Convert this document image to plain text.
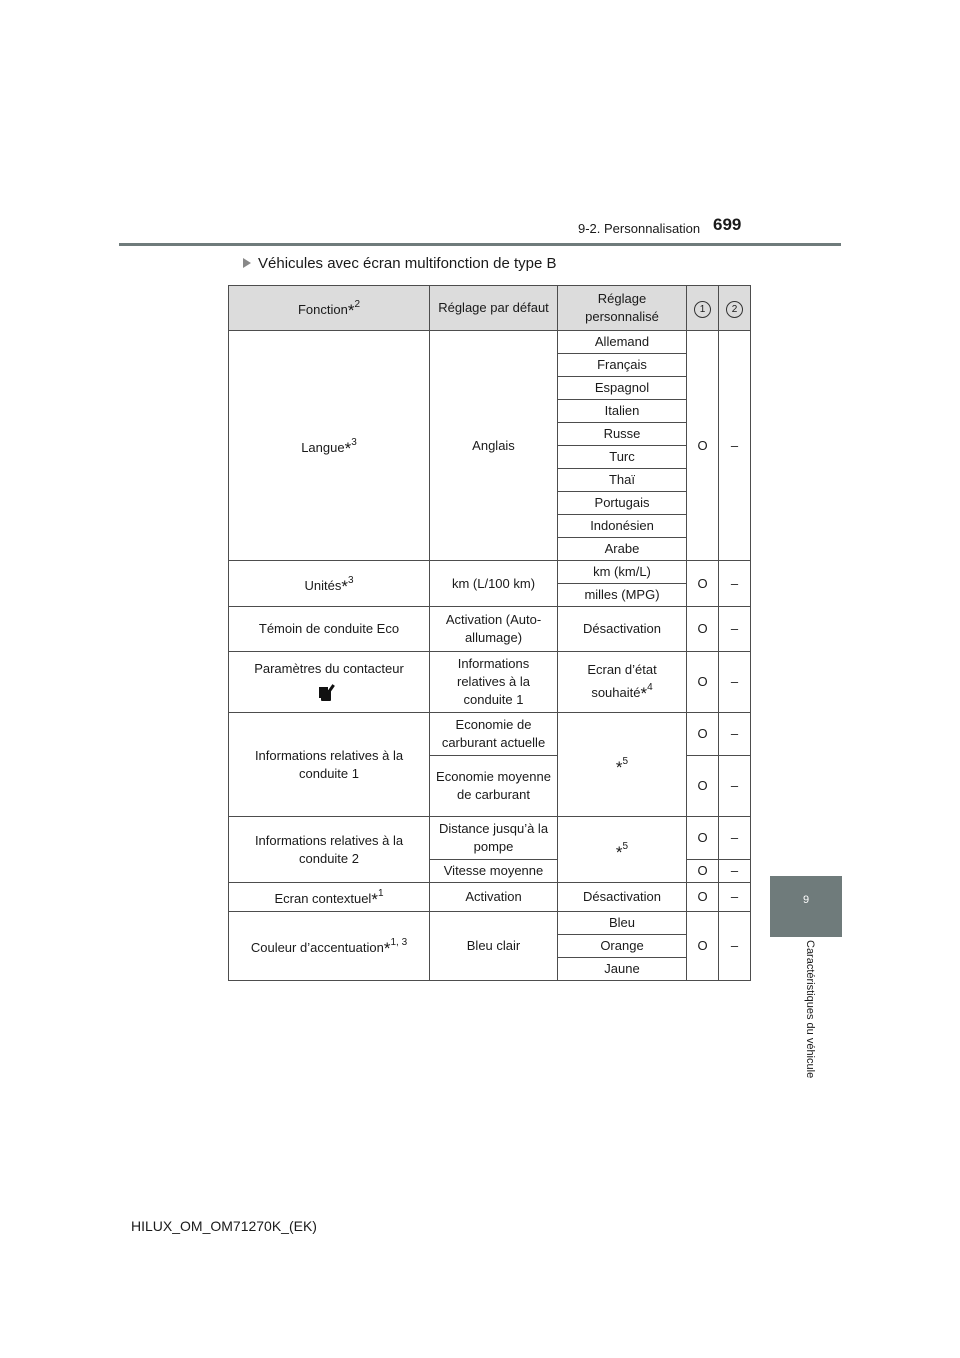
9-2. Personnalisation 699
Véhicules avec écran multifonction de type B
Fonction*$^2$	Réglage par défaut	Réglage personnalisé	1	2
Langue*$^3$	Anglais	Allemand	O	–
		Français		
		Espagnol		
		Italien		
		Russe		
		Turc		
		Thaï		
		Portugais		
		Indonésien		
		Arabe		
Unités*$^3$	km (L/100 km)	km (km/L)	O	–
		milles (MPG)		
Témoin de conduite Eco	Activation (Auto-allumage)	Désactivation	O	–

Paramètres du contacteur	Informations relatives à la conduite 1	Ecran d’état souhaité*$^4$	O	–
Informations relatives à la conduite 1	Economie de carburant actuelle	*$^5$	O	–
	Economie moyenne de carburant		O	–
Informations relatives à la conduite 2	Distance jusqu’à la pompe	*$^5$	O	–
	Vitesse moyenne		O	–
Ecran contextuel*$^1$	Activation	Désactivation	O	–
Couleur d’accentuation*$^{1, 3}$	Bleu clair	Bleu	O	–
		Orange		
		Jaune		
9
Caractéristiques du véhicule
HILUX_OM_OM71270K_(EK)
